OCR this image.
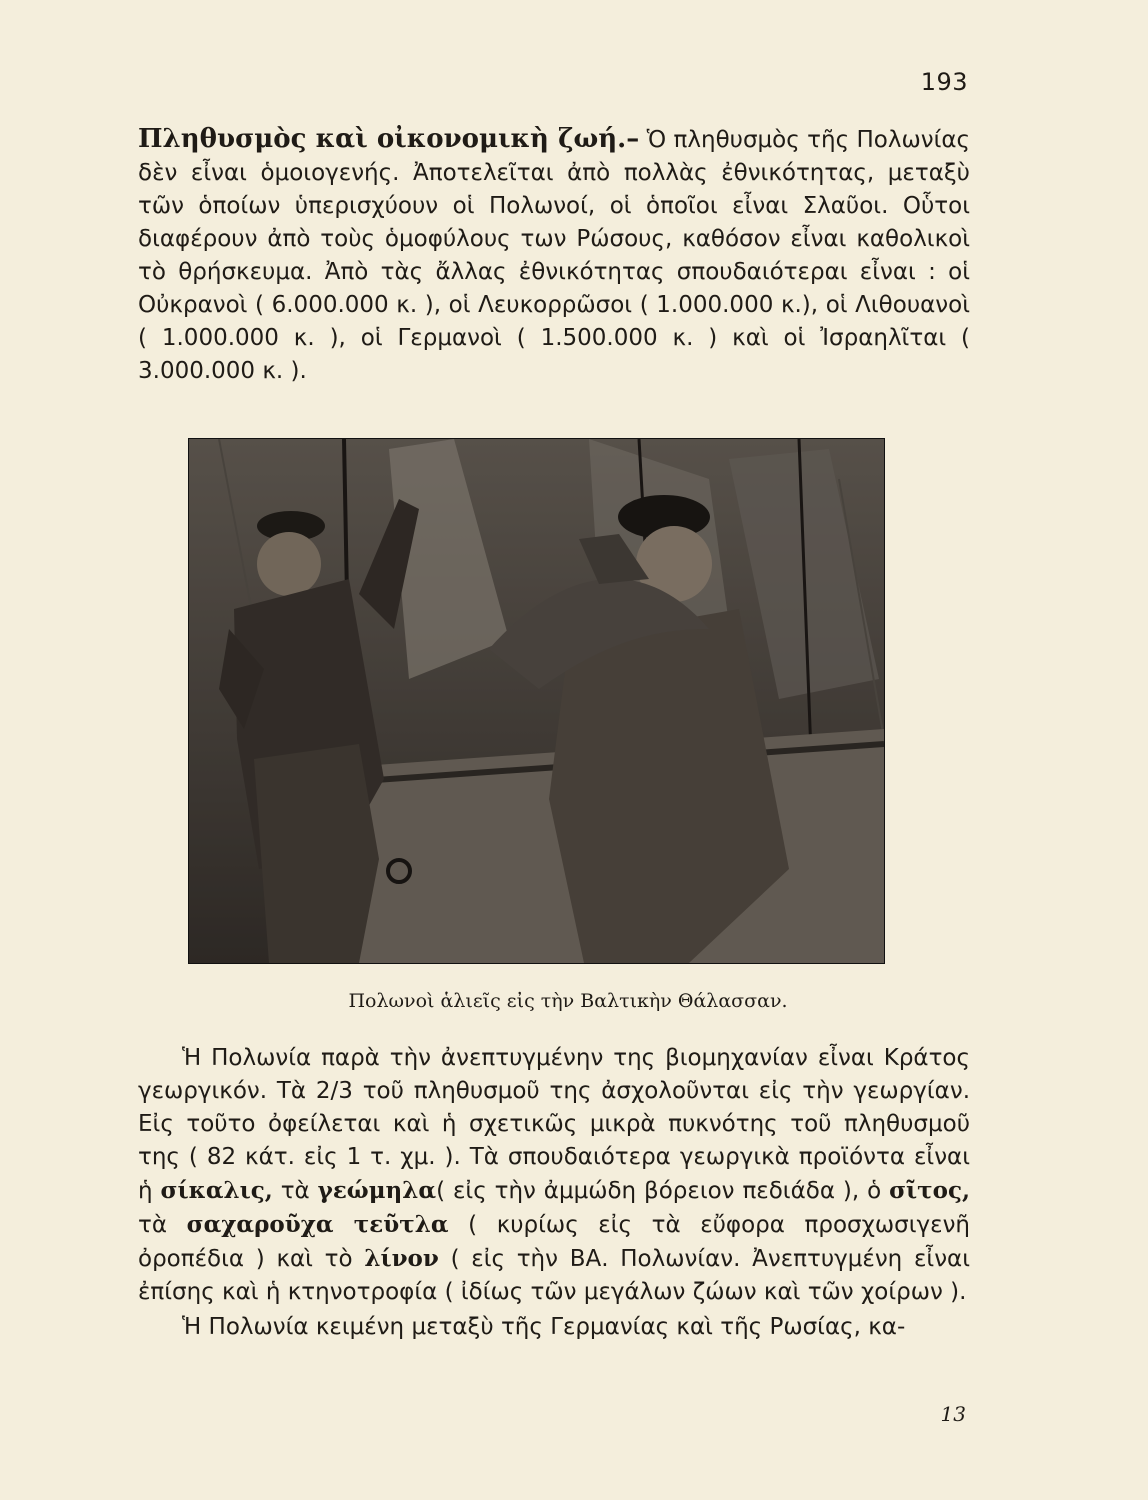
193

Πληθυσμὸς καὶ οἰκονομικὴ ζωή.– Ὁ πληθυσμὸς τῆς Πολωνίας δὲν εἶναι ὁμοιογενής. Ἀποτελεῖται ἀπὸ πολλὰς ἐθνικότητας, μεταξὺ τῶν ὁποίων ὑπερισχύουν οἱ Πολωνοί, οἱ ὁποῖοι εἶναι Σλαῦοι. Οὗτοι διαφέρουν ἀπὸ τοὺς ὁμοφύλους των Ρώσους, καθόσον εἶναι καθολικοὶ τὸ θρήσκευμα. Ἀπὸ τὰς ἄλλας ἐθνικότητας σπουδαιότεραι εἶναι : οἱ Οὐκρανοὶ ( 6.000.000 κ. ), οἱ Λευκορρῶσοι ( 1.000.000 κ.), οἱ Λιθουανοὶ ( 1.000.000 κ. ), οἱ Γερμανοὶ ( 1.500.000 κ. ) καὶ οἱ Ἰσραηλῖται ( 3.000.000 κ. ).

Πολωνοὶ ἁλιεῖς εἰς τὴν Βαλτικὴν Θάλασσαν.

Ἡ Πολωνία παρὰ τὴν ἀνεπτυγμένην της βιομηχανίαν εἶναι Κράτος γεωργικόν. Τὰ 2/3 τοῦ πληθυσμοῦ της ἀσχολοῦνται εἰς τὴν γεωργίαν. Εἰς τοῦτο ὀφείλεται καὶ ἡ σχετικῶς μικρὰ πυκνότης τοῦ πληθυσμοῦ της ( 82 κάτ. εἰς 1 τ. χμ. ). Τὰ σπουδαιότερα γεωργικὰ προϊόντα εἶναι ἡ σίκαλις, τὰ γεώμηλα( εἰς τὴν ἀμμώδη βόρειον πεδιάδα ), ὁ σῖτος, τὰ σαχαροῦχα τεῦτλα ( κυρίως εἰς τὰ εὔφορα προσχωσιγενῆ ὀροπέδια ) καὶ τὸ λίνον ( εἰς τὴν ΒΑ. Πολωνίαν. Ἀνεπτυγμένη εἶναι ἐπίσης καὶ ἡ κτηνοτροφία ( ἰδίως τῶν μεγάλων ζώων καὶ τῶν χοίρων ).

Ἡ Πολωνία κειμένη μεταξὺ τῆς Γερμανίας καὶ τῆς Ρωσίας, κα-

13
